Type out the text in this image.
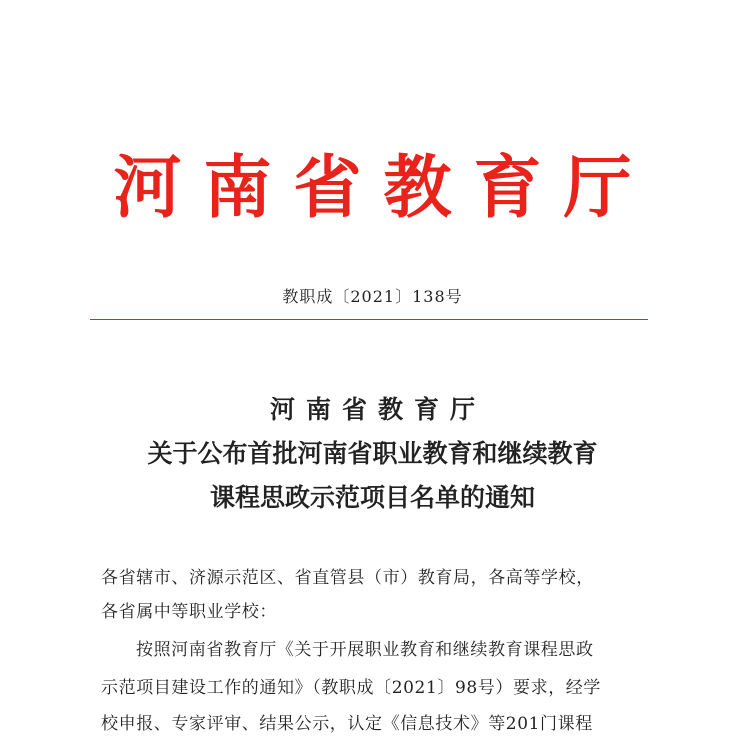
河南省教育厅
教职成〔2021〕138号
河南省教育厅
关于公布首批河南省职业教育和继续教育
课程思政示范项目名单的通知
各省辖市、济源示范区、省直管县（市）教育局，各高等学校，
各省属中等职业学校：
按照河南省教育厅《关于开展职业教育和继续教育课程思政
示范项目建设工作的通知》（教职成〔2021〕98号）要求，经学
校申报、专家评审、结果公示，认定《信息技术》等201门课程
